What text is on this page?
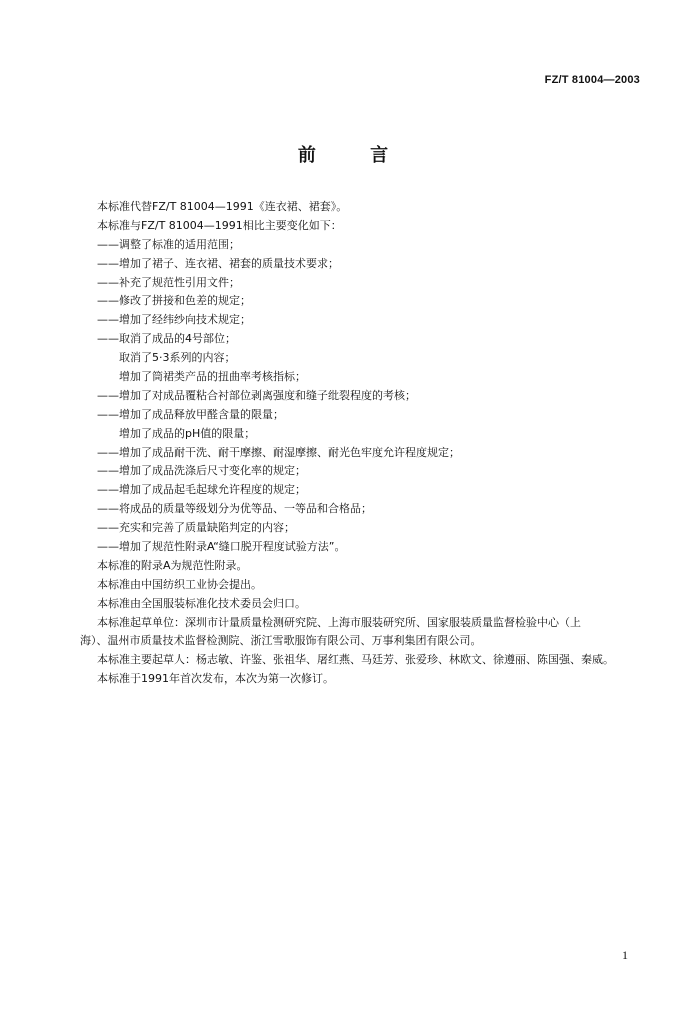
FZ/T 81004—2003
前 言
本标准代替FZ/T 81004—1991《连衣裙、裙套》。
本标准与FZ/T 81004—1991相比主要变化如下：
——调整了标准的适用范围；
——增加了裙子、连衣裙、裙套的质量技术要求；
——补充了规范性引用文件；
——修改了拼接和色差的规定；
——增加了经纬纱向技术规定；
——取消了成品的4号部位；
取消了5·3系列的内容；
增加了筒裙类产品的扭曲率考核指标；
——增加了对成品覆粘合衬部位剥离强度和缝子纰裂程度的考核；
——增加了成品释放甲醛含量的限量；
增加了成品的pH值的限量；
——增加了成品耐干洗、耐干摩擦、耐湿摩擦、耐光色牢度允许程度规定；
——增加了成品洗涤后尺寸变化率的规定；
——增加了成品起毛起球允许程度的规定；
——将成品的质量等级划分为优等品、一等品和合格品；
——充实和完善了质量缺陷判定的内容；
——增加了规范性附录A“缝口脱开程度试验方法”。
本标准的附录A为规范性附录。
本标准由中国纺织工业协会提出。
本标准由全国服装标准化技术委员会归口。
本标准起草单位：深圳市计量质量检测研究院、上海市服装研究所、国家服装质量监督检验中心（上
海）、温州市质量技术监督检测院、浙江雪歌服饰有限公司、万事利集团有限公司。
本标准主要起草人：杨志敏、许鉴、张祖华、屠红燕、马廷芳、张爱珍、林欧文、徐遵丽、陈国强、秦威。
本标准于1991年首次发布，本次为第一次修订。
1
